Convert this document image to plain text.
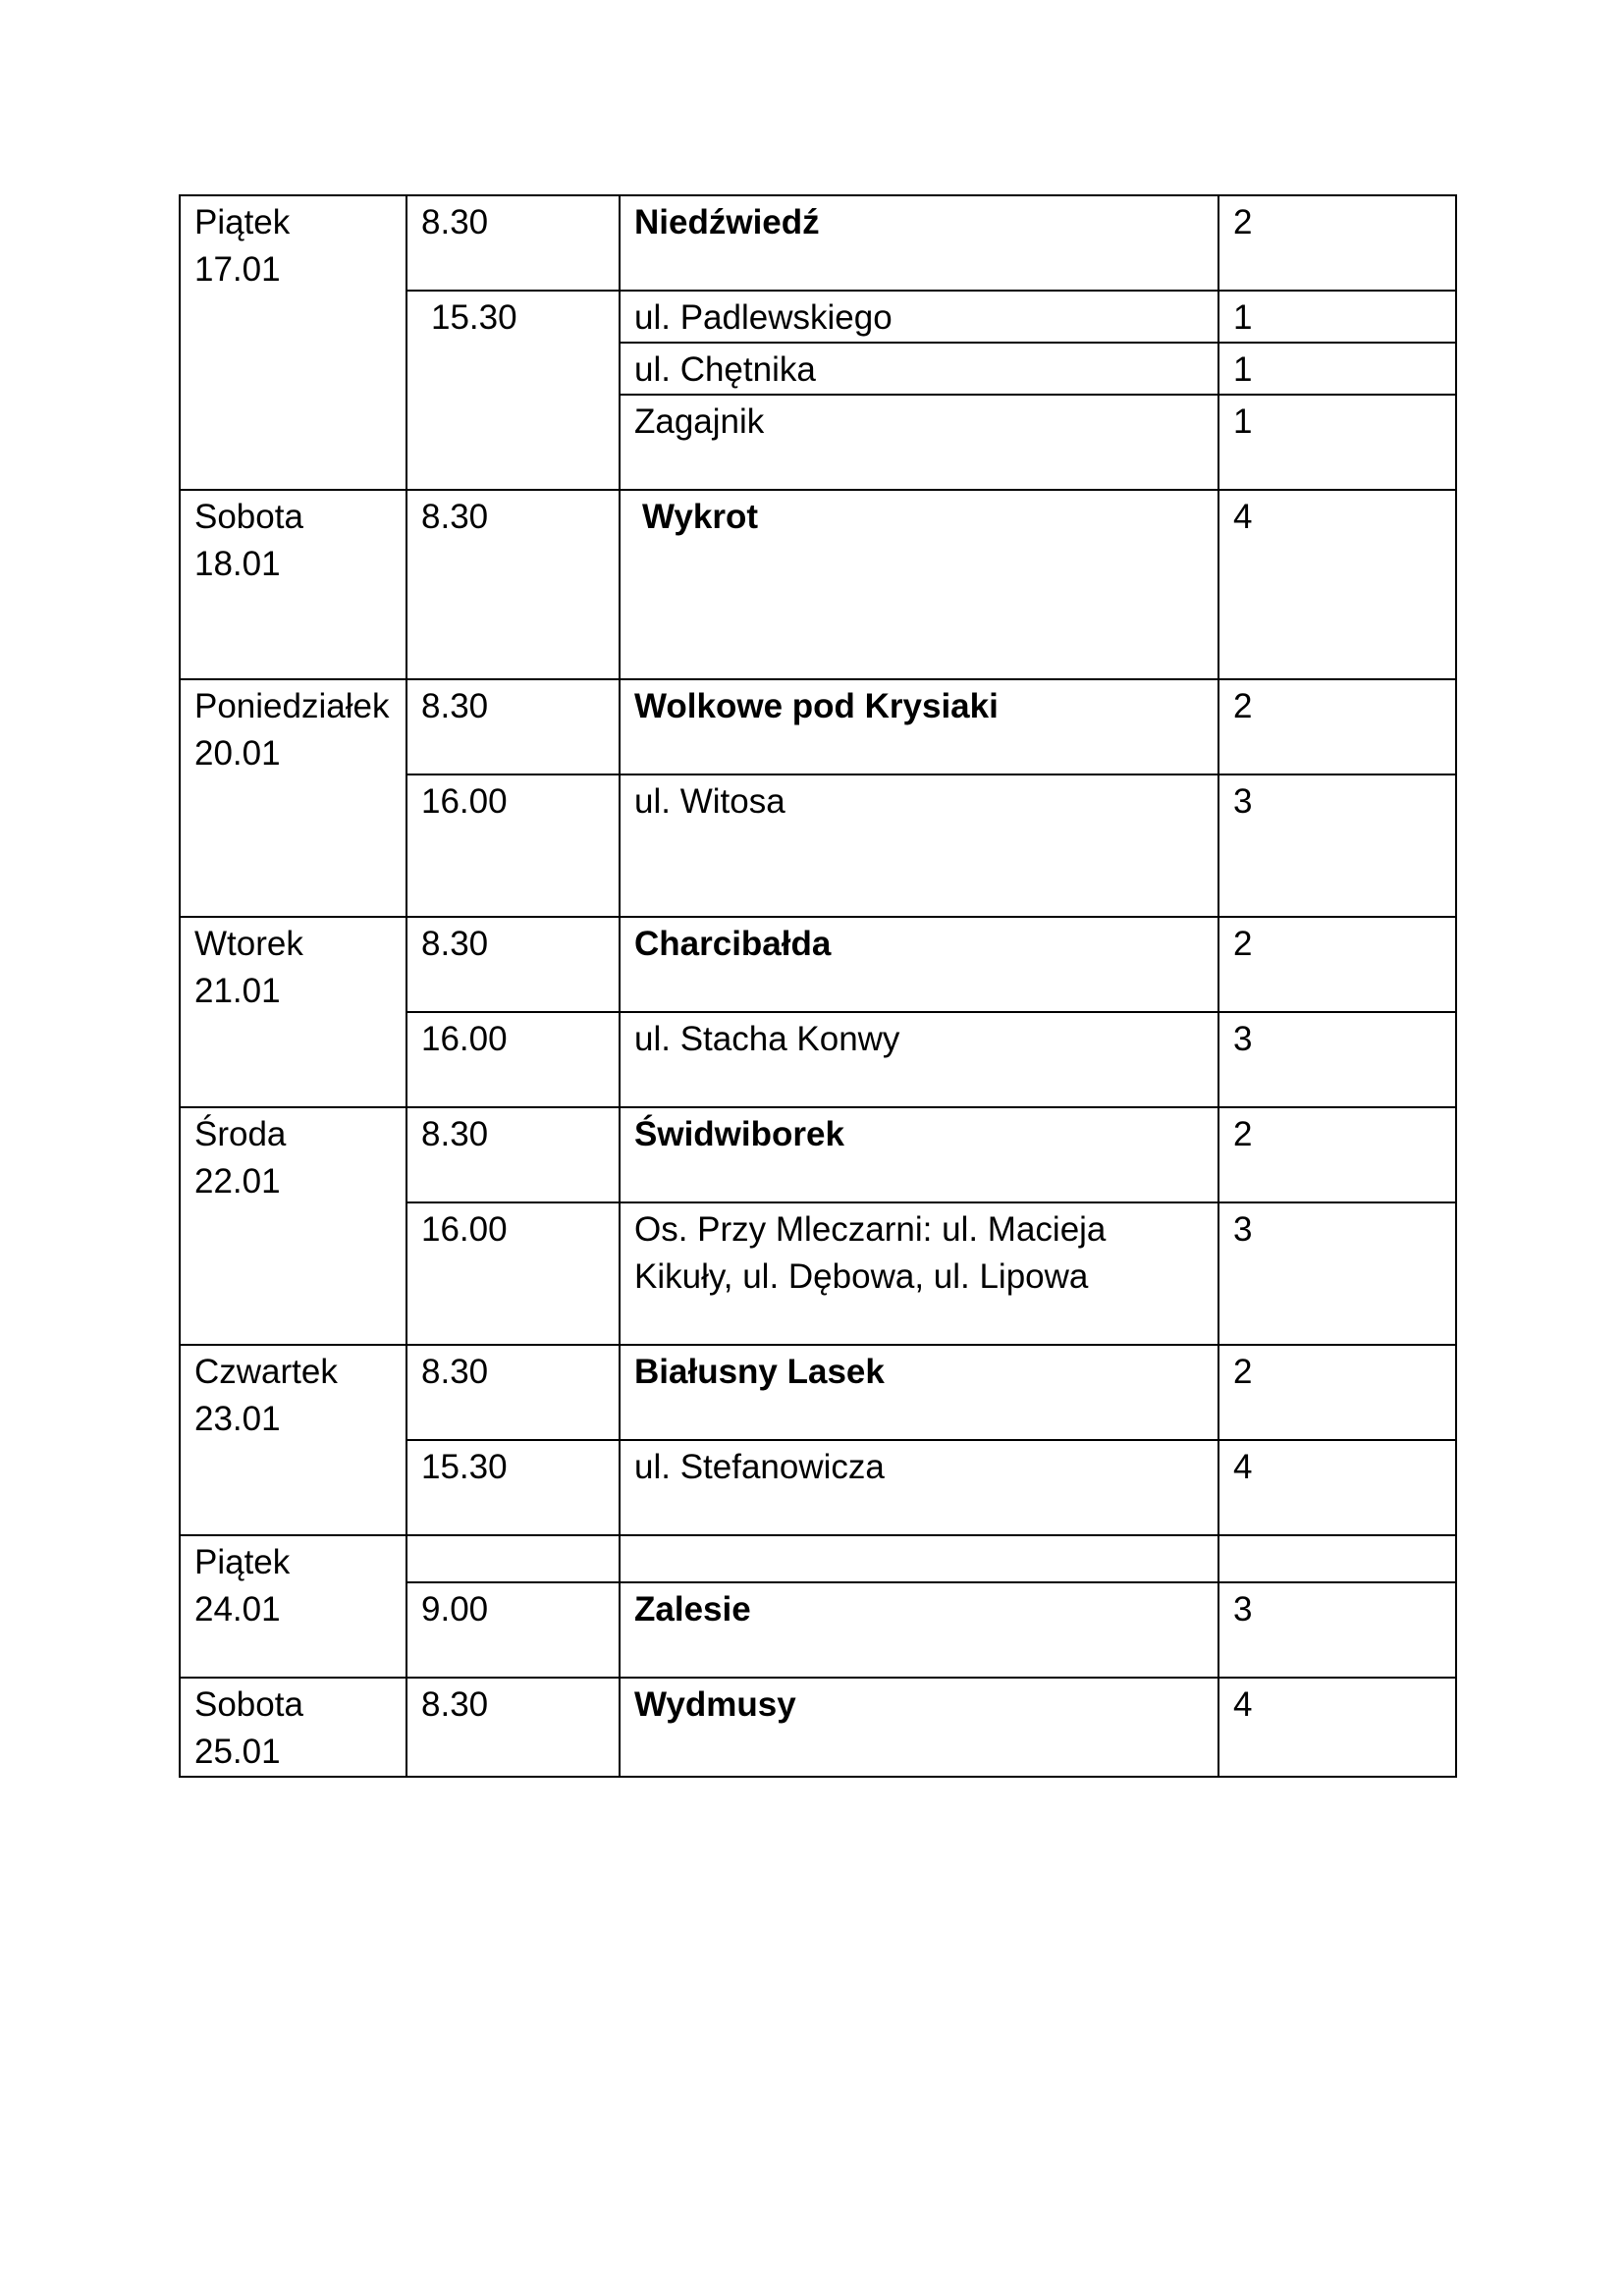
Piątek
17.01	8.30	Niedźwiedź	2
	15.30	ul. Padlewskiego	1
		ul. Chętnika	1
		Zagajnik	1

Sobota
18.01	8.30	Wykrot	4

Poniedziałek
20.01	8.30	Wolkowe pod Krysiaki	2
	16.00	ul. Witosa	3

Wtorek
21.01	8.30	Charcibałda	2
	16.00	ul. Stacha Konwy	3

Środa
22.01	8.30	Świdwiborek	2
	16.00	Os. Przy Mleczarni: ul. Macieja Kikuły, ul. Dębowa, ul. Lipowa	3

Czwartek
23.01	8.30	Białusny Lasek	2
	15.30	ul. Stefanowicza	4

Piątek
24.01			

	9.00	Zalesie	3

Sobota
25.01	8.30	Wydmusy	4
